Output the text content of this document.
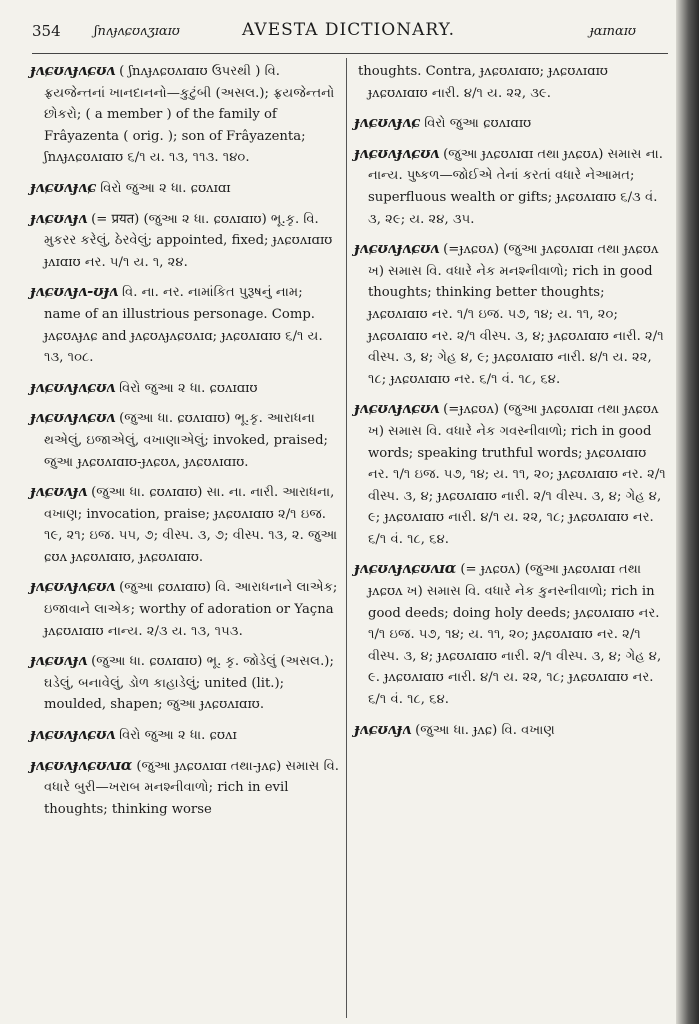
354	ʃnʌɟʌɕʊʌʒɪɑɪʊ	AVESTA DICTIONARY.	ɟɑɪnɑɪʊ

ɟʌɕʊʌɟʌɕʊʌ ( ʃnʌɟʌɕʊʌɪɑɪʊ ઉપરથી ) વિ. ફ્રયજેન્તનાં ખાનદાનનો—કુટુંબી (અસલ.); ફ્રયજેન્તનો છોકરો; ( a member ) of the family of Frâyazenta ( orig. ); son of Frâyazenta; ʃnʌɟʌɕʊʌɪɑɪʊ ૬/૧ ય. ૧૩, ૧૧૩. ૧૪૦.

ɟʌɕʊʌɟʌɕ વિરો જુઆ ૨ ધા. ɕʊʌɪɑɪ

ɟʌɕʊʌɟʌ (= प्रयत) (જુઆ ૨ ધા. ɕʊʌɪɑɪʊ) ભૂ.કૃ. વિ. મુકરર કરેલું, ઠેરવેલું; appointed, fixed; ɟʌɕʊʌɪɑɪʊ ɟʌɪɑɪʊ નર. ૫/૧ ય. ૧, ૨૪.

ɟʌɕʊʌɟʌ-ʊɟʌ વિ. ના. નર. નામાંકિત પુરૂષનું નામ; name of an illustrious personage. Comp. ɟʌɕʊʌɟʌɕ and ɟʌɕʊʌɟʌɕʊʌɪɑ; ɟʌɕʊʌɪɑɪʊ ૬/૧ ય. ૧૩, ૧૦૮.

ɟʌɕʊʌɟʌɕʊʌ વિરો જુઆ ૨ ધા. ɕʊʌɪɑɪʊ

ɟʌɕʊʌɟʌɕʊʌ (જુઆ ધા. ɕʊʌɪɑɪʊ) ભૂ.કૃ. આરાધના થએલું, ઇજાએલું, વખાણાએલું; invoked, praised; જુઆ ɟʌɕʊʌɪɑɪʊ-ɟʌɕʊʌ, ɟʌɕʊʌɪɑɪʊ.

ɟʌɕʊʌɟʌ (જુઆ ધા. ɕʊʌɪɑɪʊ) સા. ના. નારી. આરાધના, વખાણ; invocation, praise; ɟʌɕʊʌɪɑɪʊ ૨/૧ ઇજ. ૧૯, ૨૧; ઇજ. ૫૫, ૭; વીસ્પ. ૩, ૭; વીસ્પ. ૧૩, ૨. જુઆ ɕʊʌ ɟʌɕʊʌɪɑɪʊ, ɟʌɕʊʌɪɑɪʊ.

ɟʌɕʊʌɟʌɕʊʌ (જુઆ ɕʊʌɪɑɪʊ) વિ. આરાધનાને લાએક; ઇજાવાને લાએક; worthy of adoration or Yaçna ɟʌɕʊʌɪɑɪʊ નાન્ય. ૨/૩ ય. ૧૩, ૧૫૩.

ɟʌɕʊʌɟʌ (જુઆ ધા. ɕʊʌɪɑɪʊ) ભૂ. કૃ. જોડેલું (અસલ.); ઘડેલું, બનાવેલું, ડોળ કાહાડેલું; united (lit.); moulded, shapen; જુઆ ɟʌɕʊʌɪɑɪʊ.

ɟʌɕʊʌɟʌɕʊʌ વિરો જુઆ ૨ ધા. ɕʊʌɪ

ɟʌɕʊʌɟʌɕʊʌɪɑ (જુઆ ɟʌɕʊʌɪɑɪ તથા-ɟʌɕ) સમાસ વિ. વધારે બુરી—ખરાબ મનશ્નીવાળો; rich in evil thoughts; thinking worse

thoughts. Contra, ɟʌɕʊʌɪɑɪʊ; ɟʌɕʊʌɪɑɪʊ ɟʌɕʊʌɪɑɪʊ નારી. ૪/૧ ય. ૨૨, ૩૯.

ɟʌɕʊʌɟʌɕ વિરો જુઆ ɕʊʌɪɑɪʊ

ɟʌɕʊʌɟʌɕʊʌ (જુઆ ɟʌɕʊʌɪɑɪ તથા ɟʌɕʊʌ) સમાસ ના. નાન્ય. પુષ્કળ—જોઈએ તેનાં કરતાં વધારે નેઆમત; superfluous wealth or gifts; ɟʌɕʊʌɪɑɪʊ ૬/૩ વં. ૩, ૨૯; ય. ૨૪, ૩૫.

ɟʌɕʊʌɟʌɕʊʌ (=ɟʌɕʊʌ) (જુઆ ɟʌɕʊʌɪɑɪ તથા ɟʌɕʊʌ ખ) સમાસ વિ. વધારે નેક મનશ્નીવાળો; rich in good thoughts; thinking better thoughts; ɟʌɕʊʌɪɑɪʊ નર. ૧/૧ ઇજ. ૫૭, ૧૪; ય. ૧૧, ૨૦; ɟʌɕʊʌɪɑɪʊ નર. ૨/૧ વીસ્પ. ૩, ૪; ɟʌɕʊʌɪɑɪʊ નારી. ૨/૧ વીસ્પ. ૩, ૪; ગેહ ૪, ૯; ɟʌɕʊʌɪɑɪʊ નારી. ૪/૧ ય. ૨૨, ૧૮; ɟʌɕʊʌɪɑɪʊ નર. ૬/૧ વં. ૧૮, ૬૪.

ɟʌɕʊʌɟʌɕʊʌ (=ɟʌɕʊʌ) (જુઆ ɟʌɕʊʌɪɑɪ તથા ɟʌɕʊʌ ખ) સમાસ વિ. વધારે નેક ગવસ્નીવાળો; rich in good words; speaking truthful words; ɟʌɕʊʌɪɑɪʊ નર. ૧/૧ ઇજ. ૫૭, ૧૪; ય. ૧૧, ૨૦; ɟʌɕʊʌɪɑɪʊ નર. ૨/૧ વીસ્પ. ૩, ૪; ɟʌɕʊʌɪɑɪʊ નારી. ૨/૧ વીસ્પ. ૩, ૪; ગેહ ૪, ૯; ɟʌɕʊʌɪɑɪʊ નારી. ૪/૧ ય. ૨૨, ૧૮; ɟʌɕʊʌɪɑɪʊ નર. ૬/૧ વં. ૧૮, ૬૪.

ɟʌɕʊʌɟʌɕʊʌɪɑ (= ɟʌɕʊʌ) (જુઆ ɟʌɕʊʌɪɑɪ તથા ɟʌɕʊʌ ખ) સમાસ વિ. વધારે નેક કુનસ્નીવાળો; rich in good deeds; doing holy deeds; ɟʌɕʊʌɪɑɪʊ નર. ૧/૧ ઇજ. ૫૭, ૧૪; ય. ૧૧, ૨૦; ɟʌɕʊʌɪɑɪʊ નર. ૨/૧ વીસ્પ. ૩, ૪; ɟʌɕʊʌɪɑɪʊ નારી. ૨/૧ વીસ્પ. ૩, ૪; ગેહ ૪, ૯. ɟʌɕʊʌɪɑɪʊ નારી. ૪/૧ ય. ૨૨, ૧૮; ɟʌɕʊʌɪɑɪʊ નર. ૬/૧ વં. ૧૮, ૬૪.

ɟʌɕʊʌɟʌ (જુઆ ધા. ɟʌɕ) વિ. વખાણ
